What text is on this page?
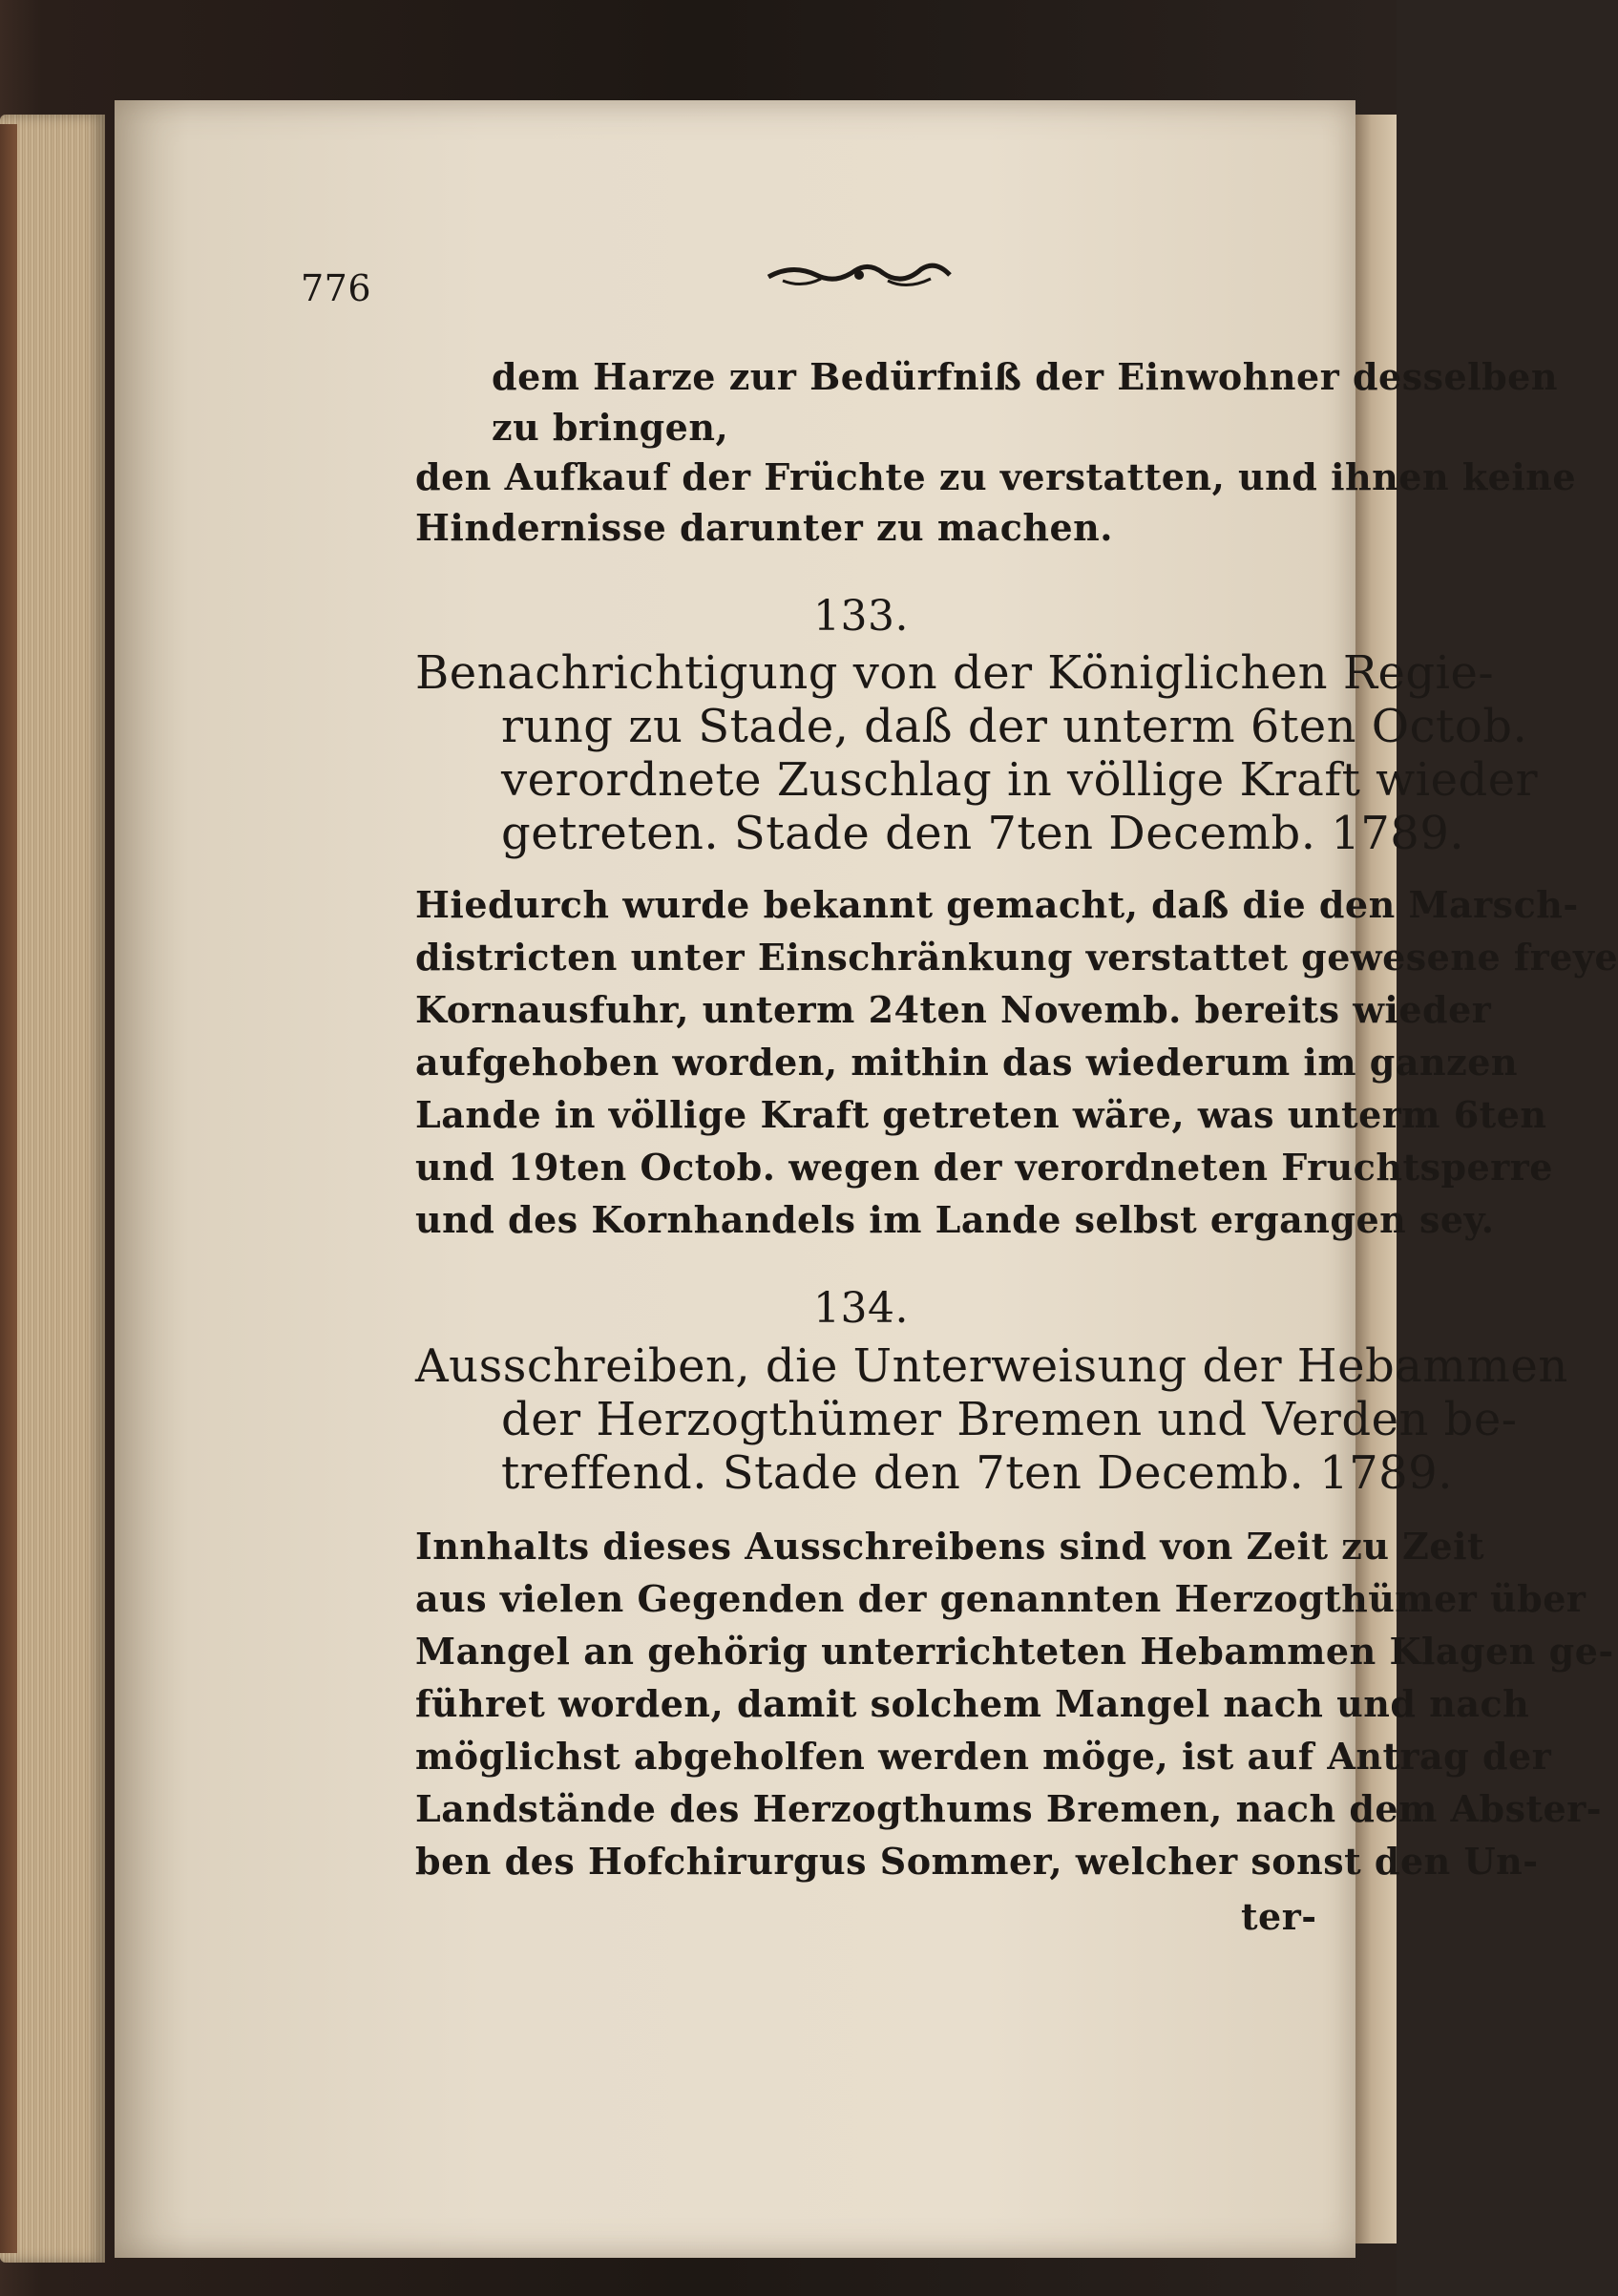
776
dem Harze zur Bedürfniß der Einwohner desselben
zu bringen,
den Aufkauf der Früchte zu verstatten, und ihnen keine
Hindernisse darunter zu machen.
133.
Benachrichtigung von der Königlichen Regie-
rung zu Stade, daß der unterm 6ten Octob.
verordnete Zuschlag in völlige Kraft wieder
getreten. Stade den 7ten Decemb. 1789.
Hiedurch wurde bekannt gemacht, daß die den Marsch-
districten unter Einschränkung verstattet gewesene freye
Kornausfuhr, unterm 24ten Novemb. bereits wieder
aufgehoben worden, mithin das wiederum im ganzen
Lande in völlige Kraft getreten wäre, was unterm 6ten
und 19ten Octob. wegen der verordneten Fruchtsperre
und des Kornhandels im Lande selbst ergangen sey.
134.
Ausschreiben, die Unterweisung der Hebammen
der Herzogthümer Bremen und Verden be-
treffend. Stade den 7ten Decemb. 1789.
Innhalts dieses Ausschreibens sind von Zeit zu Zeit
aus vielen Gegenden der genannten Herzogthümer über
Mangel an gehörig unterrichteten Hebammen Klagen ge-
führet worden, damit solchem Mangel nach und nach
möglichst abgeholfen werden möge, ist auf Antrag der
Landstände des Herzogthums Bremen, nach dem Abster-
ben des Hofchirurgus Sommer, welcher sonst den Un-
ter-
